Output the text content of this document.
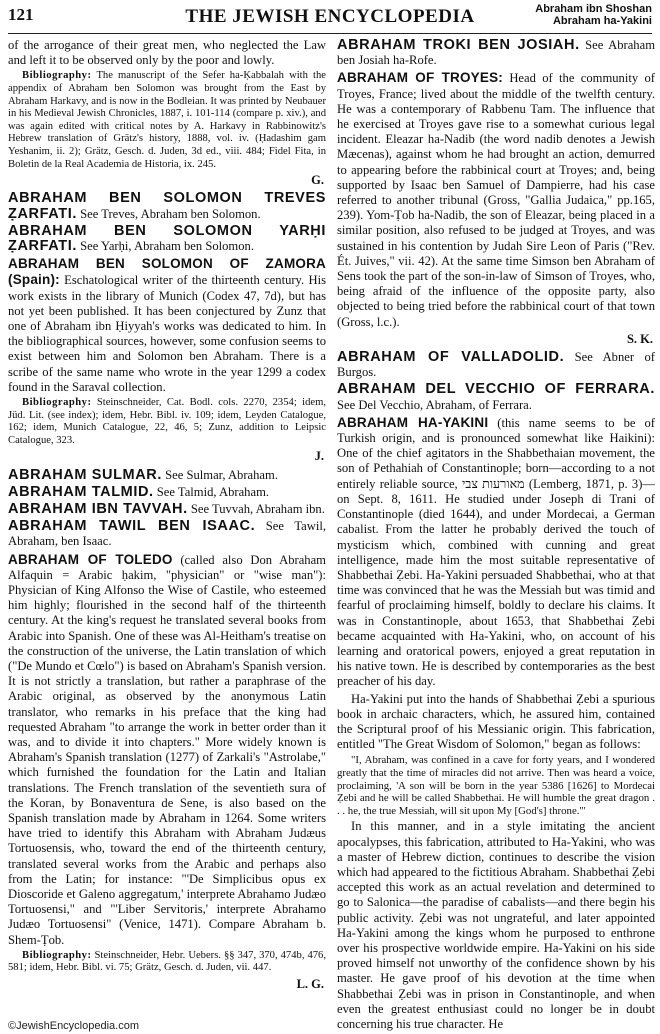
121	THE JEWISH ENCYCLOPEDIA	Abraham ibn Shoshan
Abraham ha-Yakini

of the arrogance of their great men, who neglected the Law and left it to be observed only by the poor and lowly.

Bibliography: The manuscript of the Sefer ha-Ḳabbalah with the appendix of Abraham ben Solomon was brought from the East by Abraham Harkavy, and is now in the Bodleian. It was printed by Neubauer in his Medieval Jewish Chronicles, 1887, i. 101-114 (compare p. xiv.), and was again edited with critical notes by A. Harkavy in Rabbinowitz's Hebrew translation of Grätz's history, 1888, vol. iv. (Ḥadashim gam Yeshanim, ii. 2); Grätz, Gesch. d. Juden, 3d ed., viii. 484; Fidel Fita, in Boletin de la Real Academia de Historia, ix. 245.

G.

ABRAHAM BEN SOLOMON TREVES ẒARFATI. See Treves, Abraham ben Solomon.

ABRAHAM BEN SOLOMON YARḤI ẒARFATI. See Yarḥi, Abraham ben Solomon.

ABRAHAM BEN SOLOMON OF ZAMORA (Spain): Eschatological writer of the thirteenth century. His work exists in the library of Munich (Codex 47, 7d), but has not yet been published. It has been conjectured by Zunz that one of Abraham ibn Ḥiyyah's works was dedicated to him. In the bibliographical sources, however, some confusion seems to exist between him and Solomon ben Abraham. There is a scribe of the same name who wrote in the year 1299 a codex found in the Saraval collection.

Bibliography: Steinschneider, Cat. Bodl. cols. 2270, 2354; idem, Jüd. Lit. (see index); idem, Hebr. Bibl. iv. 109; idem, Leyden Catalogue, 162; idem, Munich Catalogue, 22, 46, 5; Zunz, addition to Leipsic Catalogue, 323.

J.

ABRAHAM SULMAR. See Sulmar, Abraham.

ABRAHAM TALMID. See Talmid, Abraham.

ABRAHAM IBN TAVVAH. See Tuvvah, Abraham ibn.

ABRAHAM TAWIL BEN ISAAC. See Tawil, Abraham, ben Isaac.

ABRAHAM OF TOLEDO (called also Don Abraham Alfaquin = Arabic ḥakim, "physician" or "wise man"): Physician of King Alfonso the Wise of Castile, who esteemed him highly; flourished in the second half of the thirteenth century. At the king's request he translated several books from Arabic into Spanish. One of these was Al-Heitham's treatise on the construction of the universe, the Latin translation of which ("De Mundo et Cœlo") is based on Abraham's Spanish version. It is not strictly a translation, but rather a paraphrase of the Arabic original, as observed by the anonymous Latin translator, who remarks in his preface that the king had requested Abraham "to arrange the work in better order than it was, and to divide it into chapters." More widely known is Abraham's Spanish translation (1277) of Zarkali's "Astrolabe," which furnished the foundation for the Latin and Italian translations. The French translation of the seventieth sura of the Koran, by Bonaventura de Sene, is also based on the Spanish translation made by Abraham in 1264. Some writers have tried to identify this Abraham with Abraham Judæus Tortuosensis, who, toward the end of the thirteenth century, translated several works from the Arabic and perhaps also from the Latin; for instance: "'De Simplicibus opus ex Dioscoride et Galeno aggregatum,' interprete Abrahamo Judæo Tortuosensi," and "'Liber Servitoris,' interprete Abrahamo Judæo Tortuosensi" (Venice, 1471). Compare Abraham b. Shem-Ṭob.

Bibliography: Steinschneider, Hebr. Uebers. §§ 347, 370, 474b, 476, 581; idem, Hebr. Bibl. vi. 75; Grätz, Gesch. d. Juden, vii. 447.

L. G.

ABRAHAM TROKI BEN JOSIAH. See Abraham ben Josiah ha-Rofe.

ABRAHAM OF TROYES: Head of the community of Troyes, France; lived about the middle of the twelfth century. He was a contemporary of Rabbenu Tam. The influence that he exercised at Troyes gave rise to a somewhat curious legal incident. Eleazar ha-Nadib (the word nadib denotes a Jewish Mæcenas), against whom he had brought an action, demurred to appearing before the rabbinical court at Troyes; and, being supported by Isaac ben Samuel of Dampierre, had his case referred to another tribunal (Gross, "Gallia Judaica," pp.165, 239). Yom-Ṭob ha-Nadib, the son of Eleazar, being placed in a similar position, also refused to be judged at Troyes, and was sustained in his contention by Judah Sire Leon of Paris ("Rev. Ét. Juives," vii. 42). At the same time Simson ben Abraham of Sens took the part of the son-in-law of Simson of Troyes, who, being afraid of the influence of the opposite party, also objected to being tried before the rabbinical court of that town (Gross, l.c.).

S. K.

ABRAHAM OF VALLADOLID. See Abner of Burgos.

ABRAHAM DEL VECCHIO OF FERRARA. See Del Vecchio, Abraham, of Ferrara.

ABRAHAM HA-YAKINI (this name seems to be of Turkish origin, and is pronounced somewhat like Haikini): One of the chief agitators in the Shabbethaian movement, the son of Pethahiah of Constantinople; born—according to a not entirely reliable source, מאורעות צבי (Lemberg, 1871, p. 3)—on Sept. 8, 1611. He studied under Joseph di Trani of Constantinople (died 1644), and under Mordecai, a German cabalist. From the latter he probably derived the touch of mysticism which, combined with cunning and great intelligence, made him the most suitable representative of Shabbethai Ẓebi. Ha-Yakini persuaded Shabbethai, who at that time was convinced that he was the Messiah but was timid and fearful of proclaiming himself, boldly to declare his claims. It was in Constantinople, about 1653, that Shabbethai Ẓebi became acquainted with Ha-Yakini, who, on account of his learning and oratorical powers, enjoyed a great reputation in his native town. He is described by contemporaries as the best preacher of his day.

Ha-Yakini put into the hands of Shabbethai Ẓebi a spurious book in archaic characters, which, he assured him, contained the Scriptural proof of his Messianic origin. This fabrication, entitled "The Great Wisdom of Solomon," began as follows:

"I, Abraham, was confined in a cave for forty years, and I wondered greatly that the time of miracles did not arrive. Then was heard a voice, proclaiming, 'A son will be born in the year 5386 [1626] to Mordecai Ẓebi and he will be called Shabbethai. He will humble the great dragon . . . he, the true Messiah, will sit upon My [God's] throne.'"

In this manner, and in a style imitating the ancient apocalypses, this fabrication, attributed to Ha-Yakini, who was a master of Hebrew diction, continues to describe the vision which had appeared to the fictitious Abraham. Shabbethai Ẓebi accepted this work as an actual revelation and determined to go to Salonica—the paradise of cabalists—and there begin his public activity. Ẓebi was not ungrateful, and later appointed Ha-Yakini among the kings whom he purposed to enthrone over his prospective worldwide empire. Ha-Yakini on his side proved himself not unworthy of the confidence shown by his master. He gave proof of his devotion at the time when Shabbethai Ẓebi was in prison in Constantinople, and when even the greatest enthusiast could no longer be in doubt concerning his true character. He

©JewishEncyclopedia.com
